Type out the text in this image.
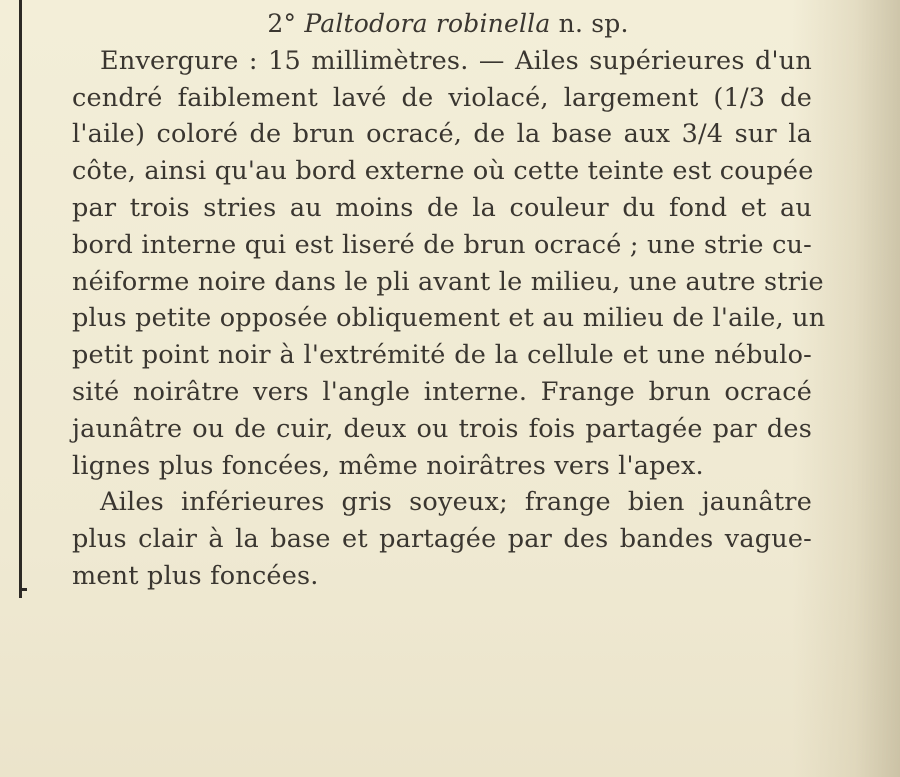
2° Paltodora robinella n. sp.

Envergure : 15 millimètres. — Ailes supérieures d'un
cendré faiblement lavé de violacé, largement (1/3 de
l'aile) coloré de brun ocracé, de la base aux 3/4 sur la
côte, ainsi qu'au bord externe où cette teinte est coupée
par trois stries au moins de la couleur du fond et au
bord interne qui est liseré de brun ocracé ; une strie cu-
néiforme noire dans le pli avant le milieu, une autre strie
plus petite opposée obliquement et au milieu de l'aile, un
petit point noir à l'extrémité de la cellule et une nébulo-
sité noirâtre vers l'angle interne. Frange brun ocracé
jaunâtre ou de cuir, deux ou trois fois partagée par des
lignes plus foncées, même noirâtres vers l'apex.
Ailes inférieures gris soyeux; frange bien jaunâtre
plus clair à la base et partagée par des bandes vague-
ment plus foncées.
